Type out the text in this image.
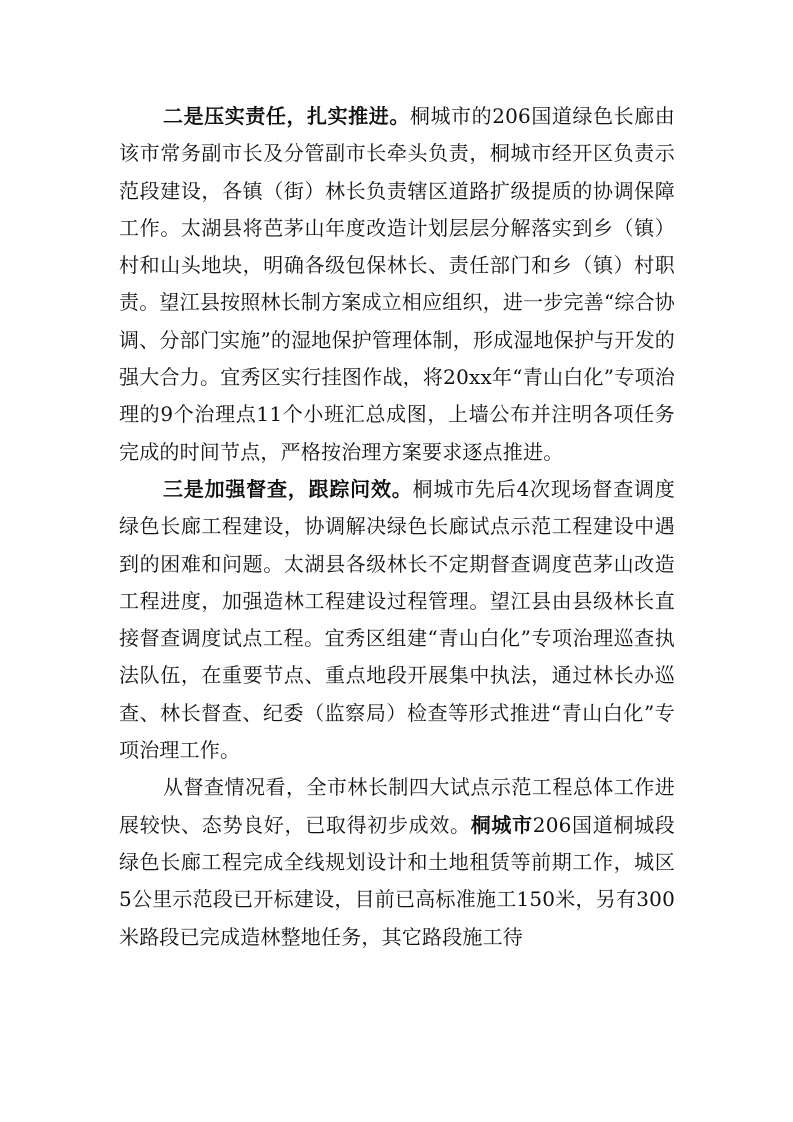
二是压实责任，扎实推进。桐城市的206国道绿色长廊由该市常务副市长及分管副市长牵头负责，桐城市经开区负责示范段建设，各镇（街）林长负责辖区道路扩级提质的协调保障工作。太湖县将芭茅山年度改造计划层层分解落实到乡（镇）村和山头地块，明确各级包保林长、责任部门和乡（镇）村职责。望江县按照林长制方案成立相应组织，进一步完善“综合协调、分部门实施”的湿地保护管理体制，形成湿地保护与开发的强大合力。宜秀区实行挂图作战，将20xx年“青山白化”专项治理的9个治理点11个小班汇总成图，上墙公布并注明各项任务完成的时间节点，严格按治理方案要求逐点推进。

三是加强督查，跟踪问效。桐城市先后4次现场督查调度绿色长廊工程建设，协调解决绿色长廊试点示范工程建设中遇到的困难和问题。太湖县各级林长不定期督查调度芭茅山改造工程进度，加强造林工程建设过程管理。望江县由县级林长直接督查调度试点工程。宜秀区组建“青山白化”专项治理巡查执法队伍，在重要节点、重点地段开展集中执法，通过林长办巡查、林长督查、纪委（监察局）检查等形式推进“青山白化”专项治理工作。

从督查情况看，全市林长制四大试点示范工程总体工作进展较快、态势良好，已取得初步成效。桐城市206国道桐城段绿色长廊工程完成全线规划设计和土地租赁等前期工作，城区5公里示范段已开标建设，目前已高标准施工150米，另有300米路段已完成造林整地任务，其它路段施工待
